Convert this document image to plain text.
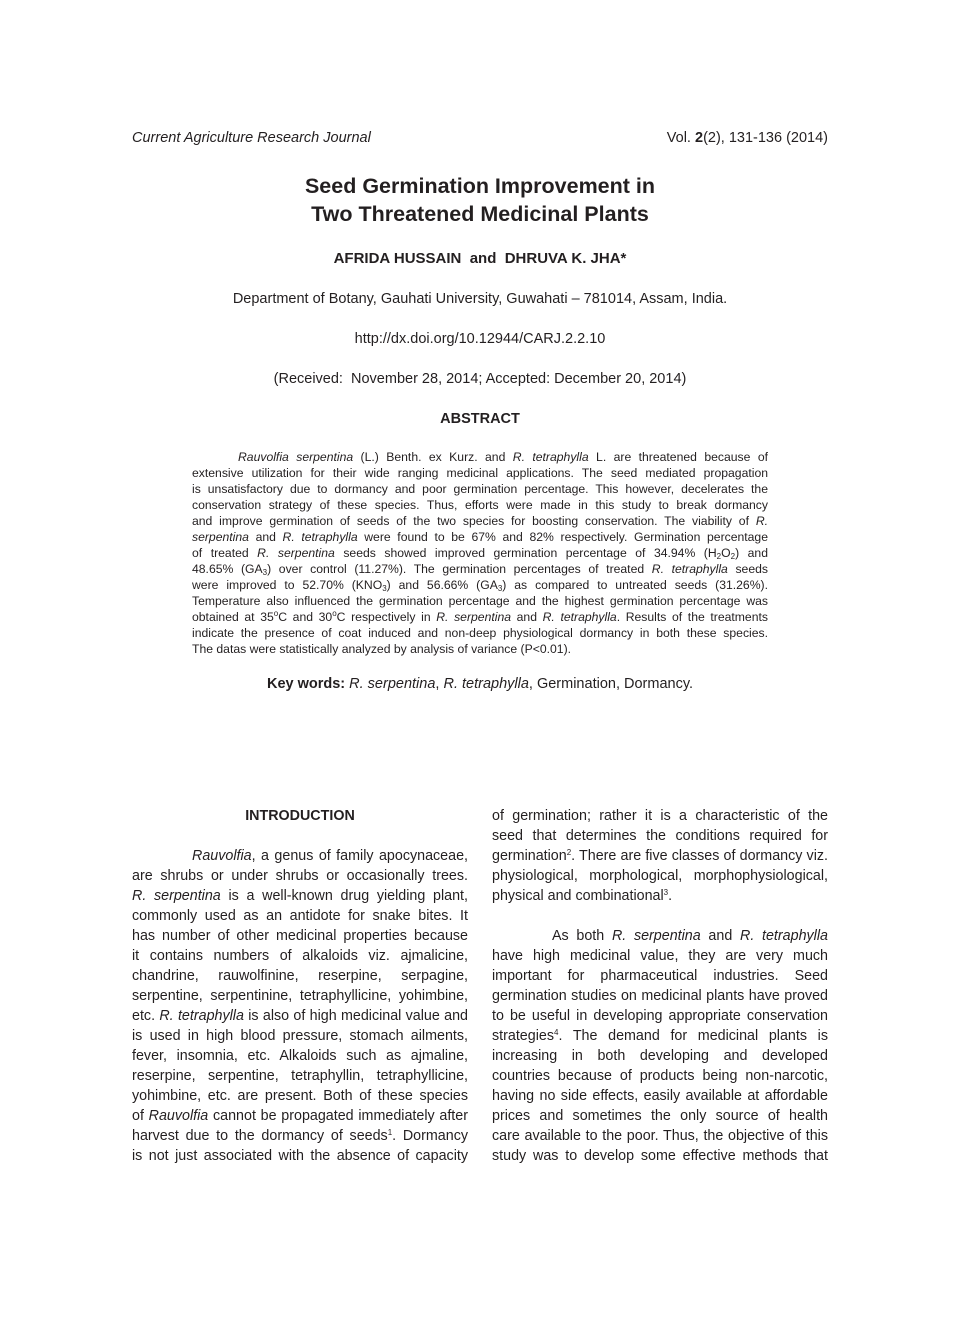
Current Agriculture Research Journal	Vol. 2(2), 131-136 (2014)
Seed Germination Improvement in
Two Threatened Medicinal Plants
AFRIDA HUSSAIN  and  DHRUVA K. JHA*
Department of Botany, Gauhati University, Guwahati – 781014, Assam, India.
http://dx.doi.org/10.12944/CARJ.2.2.10
(Received:  November 28, 2014; Accepted: December 20, 2014)
ABSTRACT
Rauvolfia serpentina (L.) Benth. ex Kurz. and R. tetraphylla L. are threatened because of
extensive utilization for their wide ranging medicinal applications. The seed mediated propagation
is unsatisfactory due to dormancy and poor germination percentage. This however, decelerates the
conservation strategy of these species. Thus, efforts were made in this study to break dormancy
and improve germination of seeds of the two species for boosting conservation. The viability of R.
serpentina and R. tetraphylla were found to be 67% and 82% respectively. Germination percentage
of treated R. serpentina seeds showed improved germination percentage of 34.94% $(H_2O_2)$ and
48.65% $(GA_3)$ over control (11.27%). The germination percentages of treated R. tetraphylla seeds
were improved to 52.70% $(KNO_3)$ and 56.66% $(GA_3)$ as compared to untreated seeds (31.26%).
Temperature also influenced the germination percentage and the highest germination percentage was
obtained at 35$^o$C and 30$^o$C respectively in R. serpentina and R. tetraphylla. Results of the treatments
indicate the presence of coat induced and non-deep physiological dormancy in both these species.
The datas were statistically analyzed by analysis of variance (P<0.01).
Key words: R. serpentina, R. tetraphylla, Germination, Dormancy.
INTRODUCTION
Rauvolfia, a genus of family apocynaceae,
are shrubs or under shrubs or occasionally trees.
R. serpentina is a well-known drug yielding plant,
commonly used as an antidote for snake bites. It
has number of other medicinal properties because
it contains numbers of alkaloids viz. ajmalicine,
chandrine, rauwolfinine, reserpine, serpagine,
serpentine, serpentinine, tetraphyllicine, yohimbine,
etc. R. tetraphylla is also of high medicinal value and
is used in high blood pressure, stomach ailments,
fever, insomnia, etc. Alkaloids such as ajmaline,
reserpine, serpentine, tetraphyllin, tetraphyllicine,
yohimbine, etc. are present. Both of these species
of Rauvolfia cannot be propagated immediately after
harvest due to the dormancy of seeds$^1$. Dormancy
is not just associated with the absence of capacity
of germination; rather it is a characteristic of the
seed that determines the conditions required for
germination$^2$. There are five classes of dormancy viz.
physiological, morphological, morphophysiological,
physical and combinational$^3$.
As both R. serpentina and R. tetraphylla
have high medicinal value, they are very much
important for pharmaceutical industries. Seed
germination studies on medicinal plants have proved
to be useful in developing appropriate conservation
strategies$^4$. The demand for medicinal plants is
increasing in both developing and developed
countries because of products being non-narcotic,
having no side effects, easily available at affordable
prices and sometimes the only source of health
care available to the poor. Thus, the objective of this
study was to develop some effective methods that
